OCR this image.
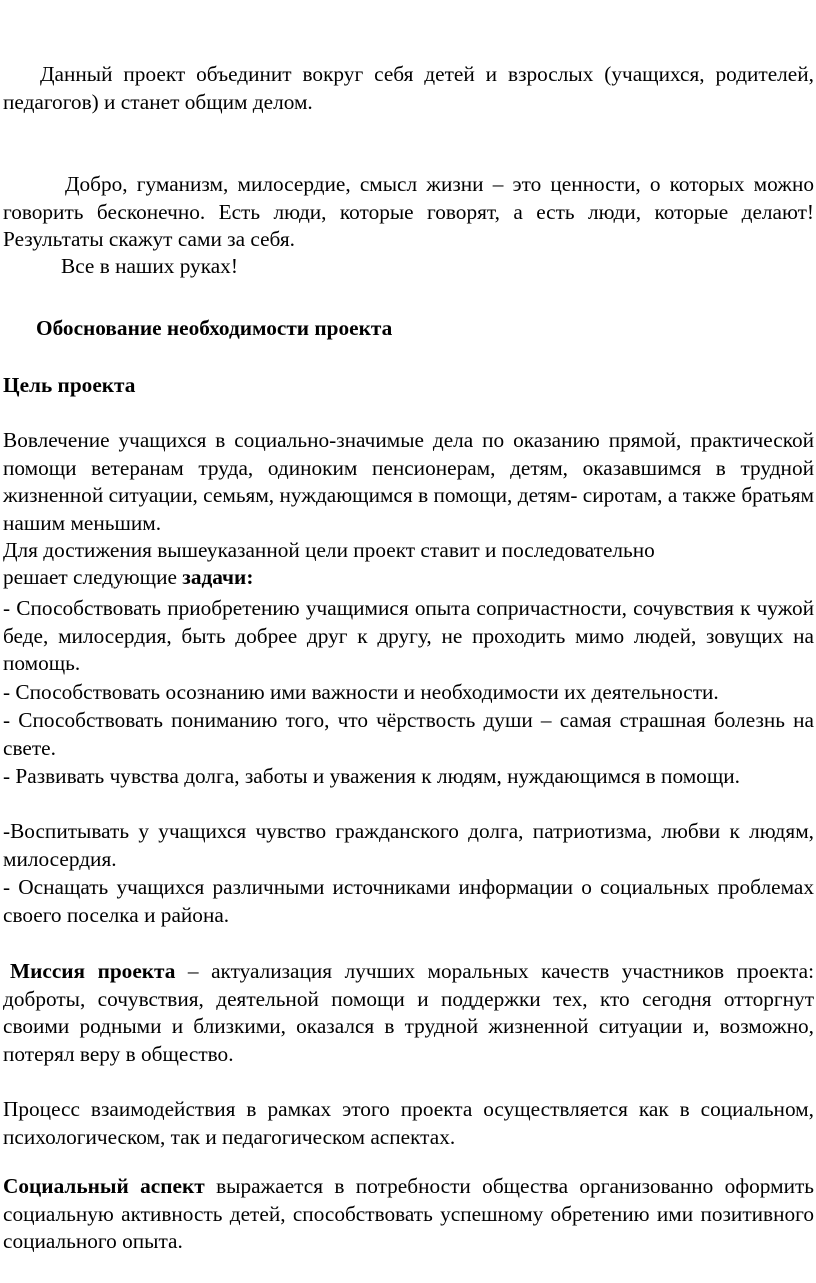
Данный проект объединит вокруг себя детей и взрослых (учащихся, родителей, педагогов) и станет общим делом.

Добро, гуманизм, милосердие, смысл жизни – это ценности, о которых можно говорить бесконечно. Есть люди, которые говорят, а есть люди, которые делают! Результаты скажут сами за себя.

Все в наших руках!

Обоснование необходимости проекта

Цель проекта

Вовлечение учащихся в социально-значимые дела по оказанию прямой, практической помощи ветеранам труда, одиноким пенсионерам, детям, оказавшимся в трудной жизненной ситуации, семьям, нуждающимся в помощи, детям- сиротам, а также братьям нашим меньшим.

Для достижения вышеуказанной цели проект ставит и последовательно

решает следующие задачи:

- Способствовать приобретению учащимися опыта сопричастности, сочувствия к чужой беде, милосердия, быть добрее друг к другу, не проходить мимо людей, зовущих на помощь.

- Способствовать осознанию ими важности и необходимости их деятельности.

- Способствовать пониманию того, что чёрствость души – самая страшная болезнь на свете.

- Развивать чувства долга, заботы и уважения к людям, нуждающимся в помощи.

-Воспитывать у учащихся чувство гражданского долга, патриотизма, любви к людям, милосердия.

- Оснащать учащихся различными источниками информации о социальных проблемах своего поселка и района.

Миссия проекта – актуализация лучших моральных качеств участников проекта: доброты, сочувствия, деятельной помощи и поддержки тех, кто сегодня отторгнут своими родными и близкими, оказался в трудной жизненной ситуации и, возможно, потерял веру в общество.

Процесс взаимодействия в рамках этого проекта осуществляется как в социальном, психологическом, так и педагогическом аспектах.

Социальный аспект выражается в потребности общества организованно оформить социальную активность детей, способствовать успешному обретению ими позитивного социального опыта.
